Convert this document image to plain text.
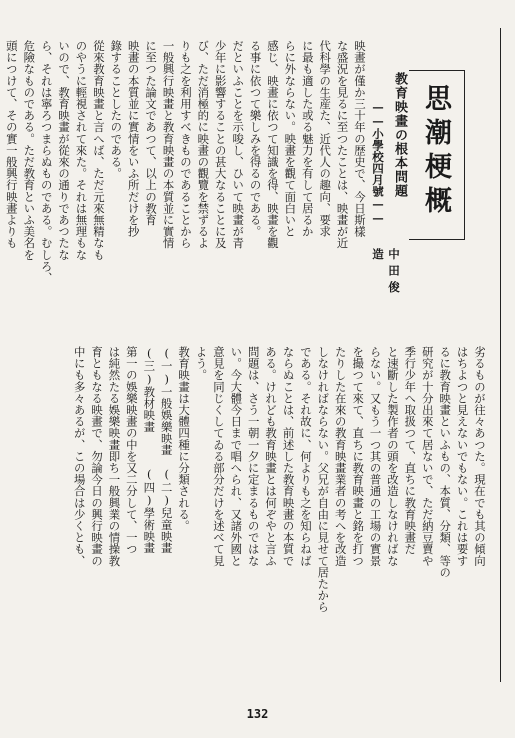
思潮梗概
教育映畫の根本問題
——小學校四月號——
中田俊造
132
映畫が僅か三十年の歴史で、今日斯樣
な盛況を見るに至つたことは、映畫が近
代科學の生産た、近代人の趣向、要求
に最も適した或る魅力を有して居るか
らに外ならない。映畫を觀て面白いと
感じ、映畫に依つて知識を得、映畫を觀
る事に依つて樂しみを得るのである。
だといふことを示唆し、ひいて映畫が青
少年に影響することの甚大なることに及
び、ただ消極的に映畫の觀覽を禁ずるよ
りも之を利用すべきものであることから
一般興行映畫と教育映畫の本質並に實情
に至つた論文であつて、以上の教育
映畫の本質並に實情をいふ所だけを抄
錄することしたのである。
從來教育映畫と言へば、ただ元來無精なも
のやうに輕視されて來た。それは無理もな
いので、教育映畫が從來の通りであつたな
ら、それは寧ろつまらぬものである。むしろ、
危險なものである。ただ教育といふ美名を
頭につけて、その實一般興行映畫よりも
劣るものが往々あつた。現在でも其の傾向
はちよつと見えないでもない。これは要す
るに教育映畫といふもの、本質、分類、等の
研究が十分出來て居ないで、ただ納豆賣や
季行少年へ取扱つて、直ちに教育映畫だ
と速斷した製作者の頭を改造しなければな
らない。又もう一つ其の普通の工場の實景
を撮つて來て、直ちに教育映畫と銘を打つ
たりした在來の教育映畫業者の考へを改造
しなければならない。父兄が自由に見せて居たから
である。それ故に、何よりも之を知らねば
ならぬことは、前述した教育映畫の本質で
ある。けれども教育映畫とは何ぞやと言ふ
問題は、さう一朝一夕に定まるものではな
い。今大體今日まで唱へられ、又諸外國と
意見を同じくしてゐる部分だけを述べて見
よう。
教育映畫は大體四種に分類される。
(一)一般娛樂映畫　(二)兒童映畫
(三)教材映畫　　　(四)學術映畫
第一の娛樂映畫の中を又二分して、一つ
は純然たる娛樂映畫即ち一般興業の情操教
育ともなる映畫で、勿論今日の興行映畫の
中にも多々あるが、この場合は少くとも、
